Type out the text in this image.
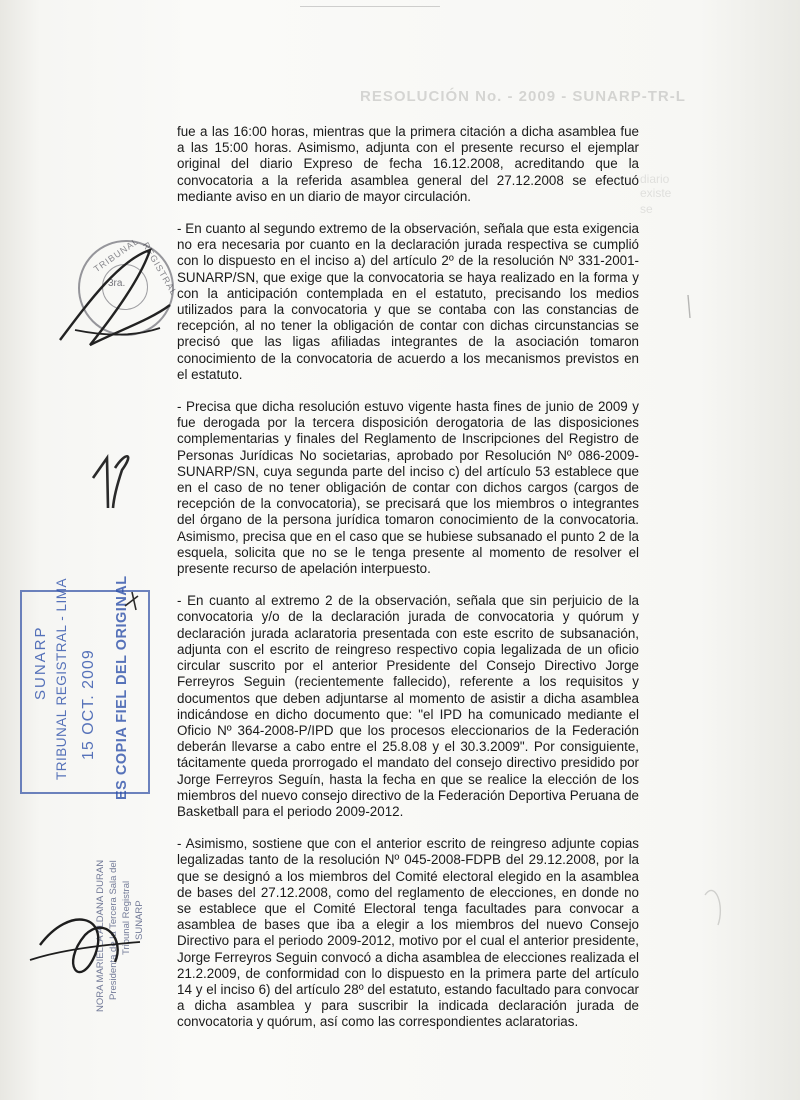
RESOLUCIÓN No. - 2009 - SUNARP-TR-L
diario
existe
se

fue a las 16:00 horas, mientras que la primera citación a dicha asamblea fue a las 15:00 horas. Asimismo, adjunta con el presente recurso el ejemplar original del diario Expreso de fecha 16.12.2008, acreditando que la convocatoria a la referida asamblea general del 27.12.2008 se efectuó mediante aviso en un diario de mayor circulación.

- En cuanto al segundo extremo de la observación, señala que esta exigencia no era necesaria por cuanto en la declaración jurada respectiva se cumplió con lo dispuesto en el inciso a) del artículo 2º de la resolución Nº 331-2001-SUNARP/SN, que exige que la convocatoria se haya realizado en la forma y con la anticipación contemplada en el estatuto, precisando los medios utilizados para la convocatoria y que se contaba con las constancias de recepción, al no tener la obligación de contar con dichas circunstancias se precisó que las ligas afiliadas integrantes de la asociación tomaron conocimiento de la convocatoria de acuerdo a los mecanismos previstos en el estatuto.

- Precisa que dicha resolución estuvo vigente hasta fines de junio de 2009 y fue derogada por la tercera disposición derogatoria de las disposiciones complementarias y finales del Reglamento de Inscripciones del Registro de Personas Jurídicas No societarias, aprobado por Resolución Nº 086-2009-SUNARP/SN, cuya segunda parte del inciso c) del artículo 53 establece que en el caso de no tener obligación de contar con dichos cargos (cargos de recepción de la convocatoria), se precisará que los miembros o integrantes del órgano de la persona jurídica tomaron conocimiento de la convocatoria. Asimismo, precisa que en el caso que se hubiese subsanado el punto 2 de la esquela, solicita que no se le tenga presente al momento de resolver el presente recurso de apelación interpuesto.

- En cuanto al extremo 2 de la observación, señala que sin perjuicio de la convocatoria y/o de la declaración jurada de convocatoria y quórum y declaración jurada aclaratoria presentada con este escrito de subsanación, adjunta con el escrito de reingreso respectivo copia legalizada de un oficio circular suscrito por el anterior Presidente del Consejo Directivo Jorge Ferreyros Seguin (recientemente fallecido), referente a los requisitos y documentos que deben adjuntarse al momento de asistir a dicha asamblea indicándose en dicho documento que: "el IPD ha comunicado mediante el Oficio Nº 364-2008-P/IPD que los procesos eleccionarios de la Federación deberán llevarse a cabo entre el 25.8.08 y el 30.3.2009". Por consiguiente, tácitamente queda prorrogado el mandato del consejo directivo presidido por Jorge Ferreyros Seguín, hasta la fecha en que se realice la elección de los miembros del nuevo consejo directivo de la Federación Deportiva Peruana de Basketball para el periodo 2009-2012.

- Asimismo, sostiene que con el anterior escrito de reingreso adjunte copias legalizadas tanto de la resolución Nº 045-2008-FDPB del 29.12.2008, por la que se designó a los miembros del Comité electoral elegido en la asamblea de bases del 27.12.2008, como del reglamento de elecciones, en donde no se establece que el Comité Electoral tenga facultades para convocar a asamblea de bases que iba a elegir a los miembros del nuevo Consejo Directivo para el periodo 2009-2012, motivo por el cual el anterior presidente, Jorge Ferreyros Seguin convocó a dicha asamblea de elecciones realizada el 21.2.2009, de conformidad con lo dispuesto en la primera parte del artículo 14 y el inciso 6) del artículo 28º del estatuto, estando facultado para convocar a dicha asamblea y para suscribir la indicada declaración jurada de convocatoria y quórum, así como las correspondientes aclaratorias.

TRIBUNAL REGISTRAL
3ra.
SUNARP TRIBUNAL REGISTRAL - LIMA 15 OCT. 2009 ES COPIA FIEL DEL ORIGINAL
NORA MARIELLA ALDANA DURAN Presidenta de la Tercera Sala del Tribunal Registral SUNARP
